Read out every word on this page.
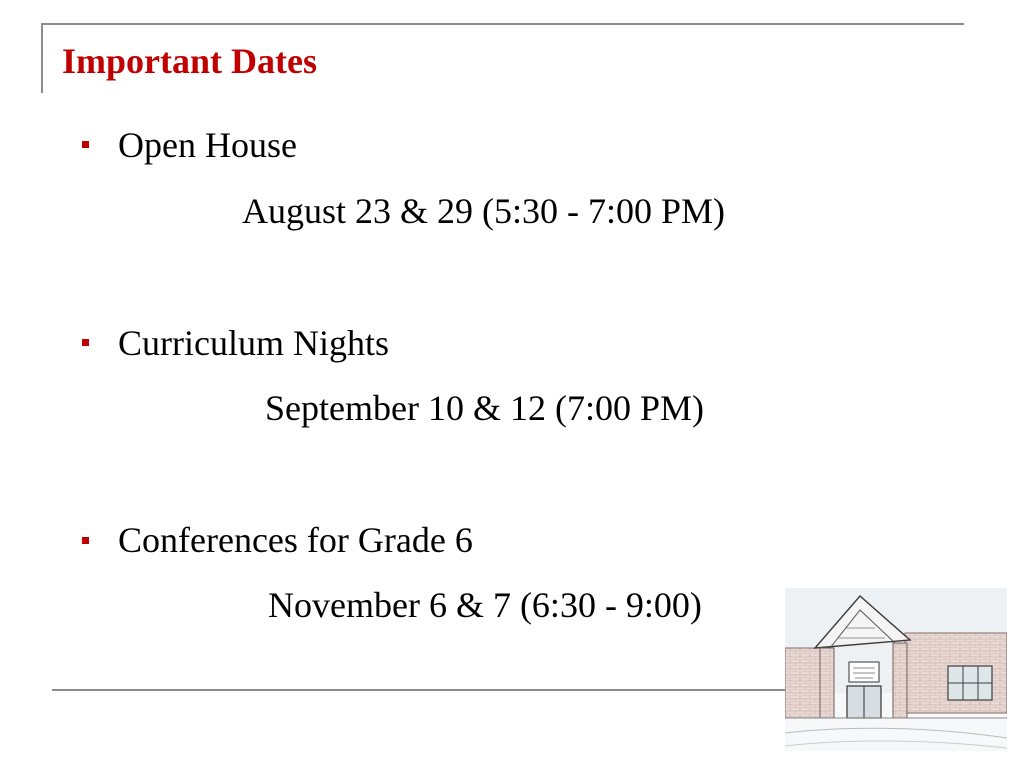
Important Dates
Open House
August 23 & 29 (5:30 - 7:00 PM)
Curriculum Nights
September 10 & 12 (7:00 PM)
Conferences for Grade 6
November 6 & 7 (6:30 - 9:00)
